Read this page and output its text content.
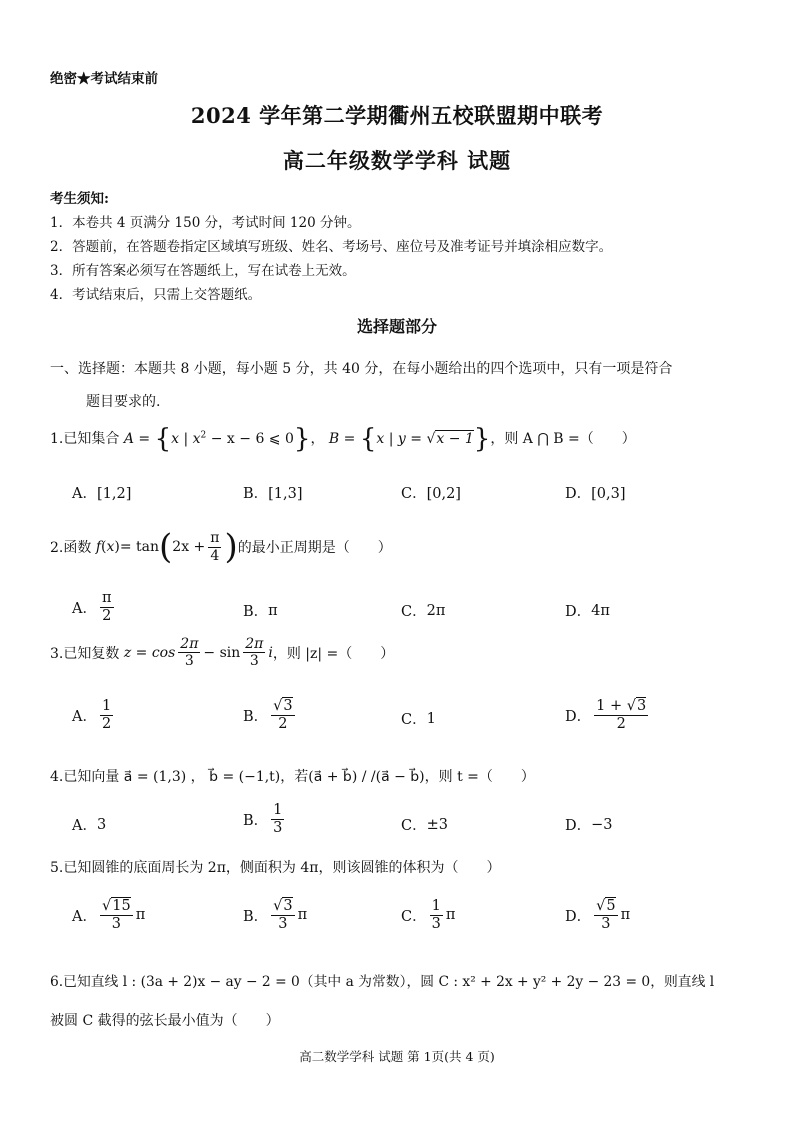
绝密★考试结束前
2024 学年第二学期衢州五校联盟期中联考
高二年级数学学科 试题
考生须知:
1．本卷共 4 页满分 150 分，考试时间 120 分钟。
2．答题前，在答题卷指定区域填写班级、姓名、考场号、座位号及准考证号并填涂相应数字。
3．所有答案必须写在答题纸上，写在试卷上无效。
4．考试结束后，只需上交答题纸。
选择题部分
一、选择题：本题共 8 小题，每小题 5 分，共 40 分，在每小题给出的四个选项中，只有一项是符合
题目要求的.
1.已知集合 A = {x | $x^2 - x - 6$ ⩽ 0}， B = {x | y = √x − 1}，则 A ⋂ B =（　　）
A．[1,2]	B．[1,3]	C．[0,2]	D．[0,3]
2.函数
f ( x ) = tan ( $2x + \frac{\pi}{4}$ ) 的最小正周期是（　　）
A． $\frac{\pi}{2}$	B． π	C． 2π	D． 4π
3.已知复数
$z = \cos \frac{2\pi}{3} - \sin \frac{2\pi}{3}$ i ，则 |z| =（　　）
A． $\frac{1}{2}$	B． $\frac{√3}{2}$	C． 1	D． $\frac{1 + √3}{2}$
4.已知向量 a⃗ = (1,3) ， b⃗ = (−1,t)，若(a⃗ + b⃗) / /(a⃗ − b⃗)，则 t =（　　）
A． 3	B． $\frac{1}{3}$	C． ±3	D． −3
5.已知圆锥的底面周长为 2π，侧面积为 4π，则该圆锥的体积为（　　）
A． $\frac{√15}{3}$ π	B． $\frac{√3}{3}$ π	C． $\frac{1}{3}$ π	D． $\frac{√5}{3}$ π
6.已知直线 l : (3a + 2)x − ay − 2 = 0（其中 a 为常数），圆 C : x² + 2x + y² + 2y − 23 = 0，则直线 l
被圆 C 截得的弦长最小值为（　　）
高二数学学科 试题 第 1页(共 4 页)
